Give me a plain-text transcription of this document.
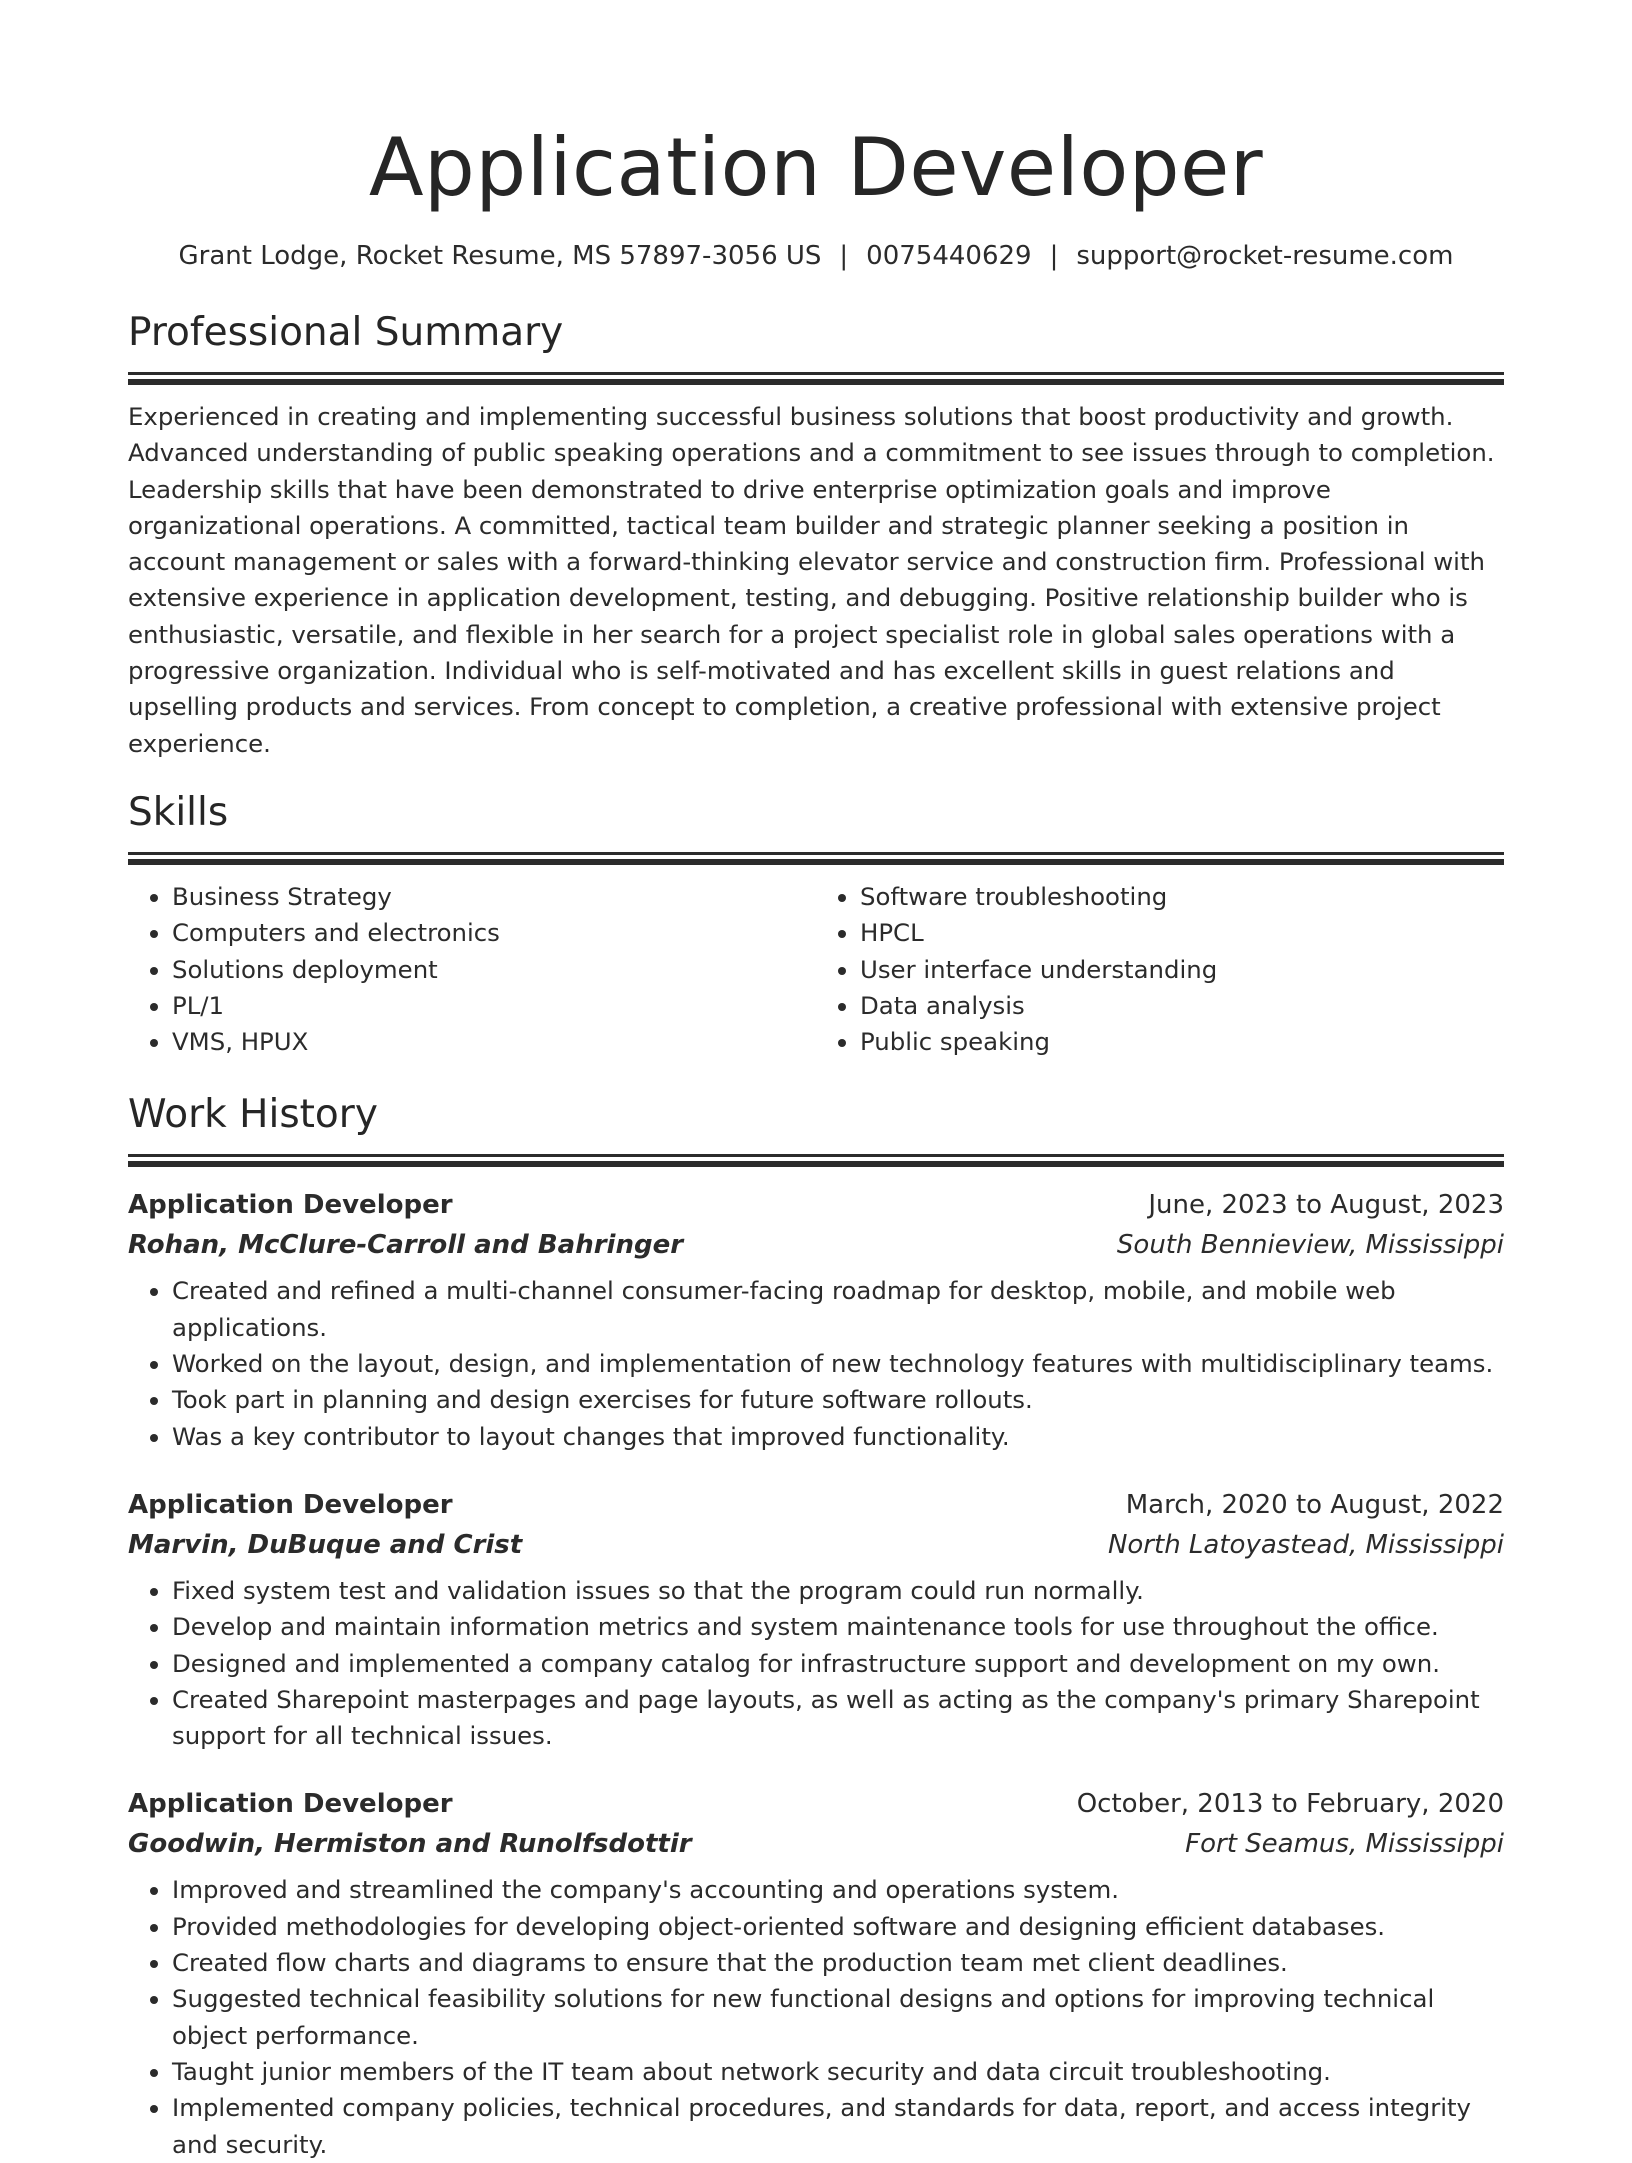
Application Developer
Grant Lodge, Rocket Resume, MS 57897-3056 US | 0075440629 | support@rocket-resume.com
Professional Summary

Experienced in creating and implementing successful business solutions that boost productivity and growth. Advanced understanding of public speaking operations and a commitment to see issues through to completion. Leadership skills that have been demonstrated to drive enterprise optimization goals and improve organizational operations. A committed, tactical team builder and strategic planner seeking a position in account management or sales with a forward-thinking elevator service and construction firm. Professional with extensive experience in application development, testing, and debugging. Positive relationship builder who is enthusiastic, versatile, and flexible in her search for a project specialist role in global sales operations with a progressive organization. Individual who is self-motivated and has excellent skills in guest relations and upselling products and services. From concept to completion, a creative professional with extensive project experience.

Skills
• Business Strategy
• Computers and electronics
• Solutions deployment
• PL/1
• VMS, HPUX
• Software troubleshooting
• HPCL
• User interface understanding
• Data analysis
• Public speaking
Work History
Application Developer	June, 2023 to August, 2023
Rohan, McClure-Carroll and Bahringer	South Bennieview, Mississippi
• Created and refined a multi-channel consumer-facing roadmap for desktop, mobile, and mobile web applications.
• Worked on the layout, design, and implementation of new technology features with multidisciplinary teams.
• Took part in planning and design exercises for future software rollouts.
• Was a key contributor to layout changes that improved functionality.
Application Developer	March, 2020 to August, 2022
Marvin, DuBuque and Crist	North Latoyastead, Mississippi
• Fixed system test and validation issues so that the program could run normally.
• Develop and maintain information metrics and system maintenance tools for use throughout the office.
• Designed and implemented a company catalog for infrastructure support and development on my own.
• Created Sharepoint masterpages and page layouts, as well as acting as the company's primary Sharepoint support for all technical issues.
Application Developer	October, 2013 to February, 2020
Goodwin, Hermiston and Runolfsdottir	Fort Seamus, Mississippi
• Improved and streamlined the company's accounting and operations system.
• Provided methodologies for developing object-oriented software and designing efficient databases.
• Created flow charts and diagrams to ensure that the production team met client deadlines.
• Suggested technical feasibility solutions for new functional designs and options for improving technical object performance.
• Taught junior members of the IT team about network security and data circuit troubleshooting.
• Implemented company policies, technical procedures, and standards for data, report, and access integrity and security.
